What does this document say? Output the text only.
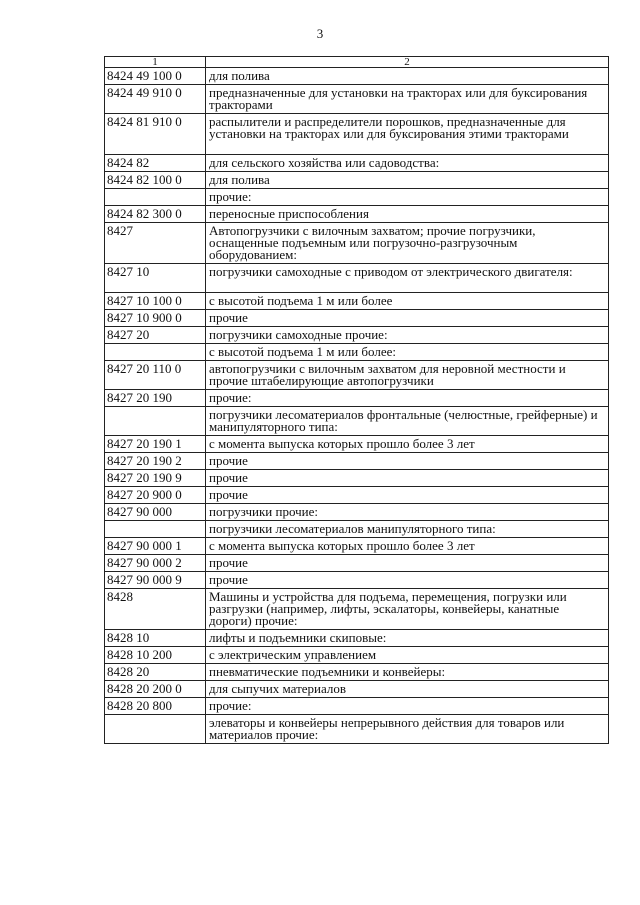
3
1	2
8424 49 100 0	для полива
8424 49 910 0	предназначенные для установки на тракторах или для буксирования тракторами
8424 81 910 0	распылители и распределители порошков, предназначенные для установки на тракторах или для буксирования этими тракторами
8424 82	для сельского хозяйства или садоводства:
8424 82 100 0	для полива
	прочие:
8424 82 300 0	переносные приспособления
8427	Автопогрузчики с вилочным захватом; прочие погрузчики, оснащенные подъемным или погрузочно-разгрузочным оборудованием:
8427 10	погрузчики самоходные с приводом от электрического двигателя:
8427 10 100 0	с высотой подъема 1 м или более
8427 10 900 0	прочие
8427 20	погрузчики самоходные прочие:
	с высотой подъема 1 м или более:
8427 20 110 0	автопогрузчики с вилочным захватом для неровной местности и прочие штабелирующие автопогрузчики
8427 20 190	прочие:
	погрузчики лесоматериалов фронтальные (челюстные, грейферные) и манипуляторного типа:
8427 20 190 1	с момента выпуска которых прошло более 3 лет
8427 20 190 2	прочие
8427 20 190 9	прочие
8427 20 900 0	прочие
8427 90 000	погрузчики прочие:
	погрузчики лесоматериалов манипуляторного типа:
8427 90 000 1	с момента выпуска которых прошло более 3 лет
8427 90 000 2	прочие
8427 90 000 9	прочие
8428	Машины и устройства для подъема, перемещения, погрузки или разгрузки (например, лифты, эскалаторы, конвейеры, канатные дороги) прочие:
8428 10	лифты и подъемники скиповые:
8428 10 200	с электрическим управлением
8428 20	пневматические подъемники и конвейеры:
8428 20 200 0	для сыпучих материалов
8428 20 800	прочие:
	элеваторы и конвейеры непрерывного действия для товаров или материалов прочие:
